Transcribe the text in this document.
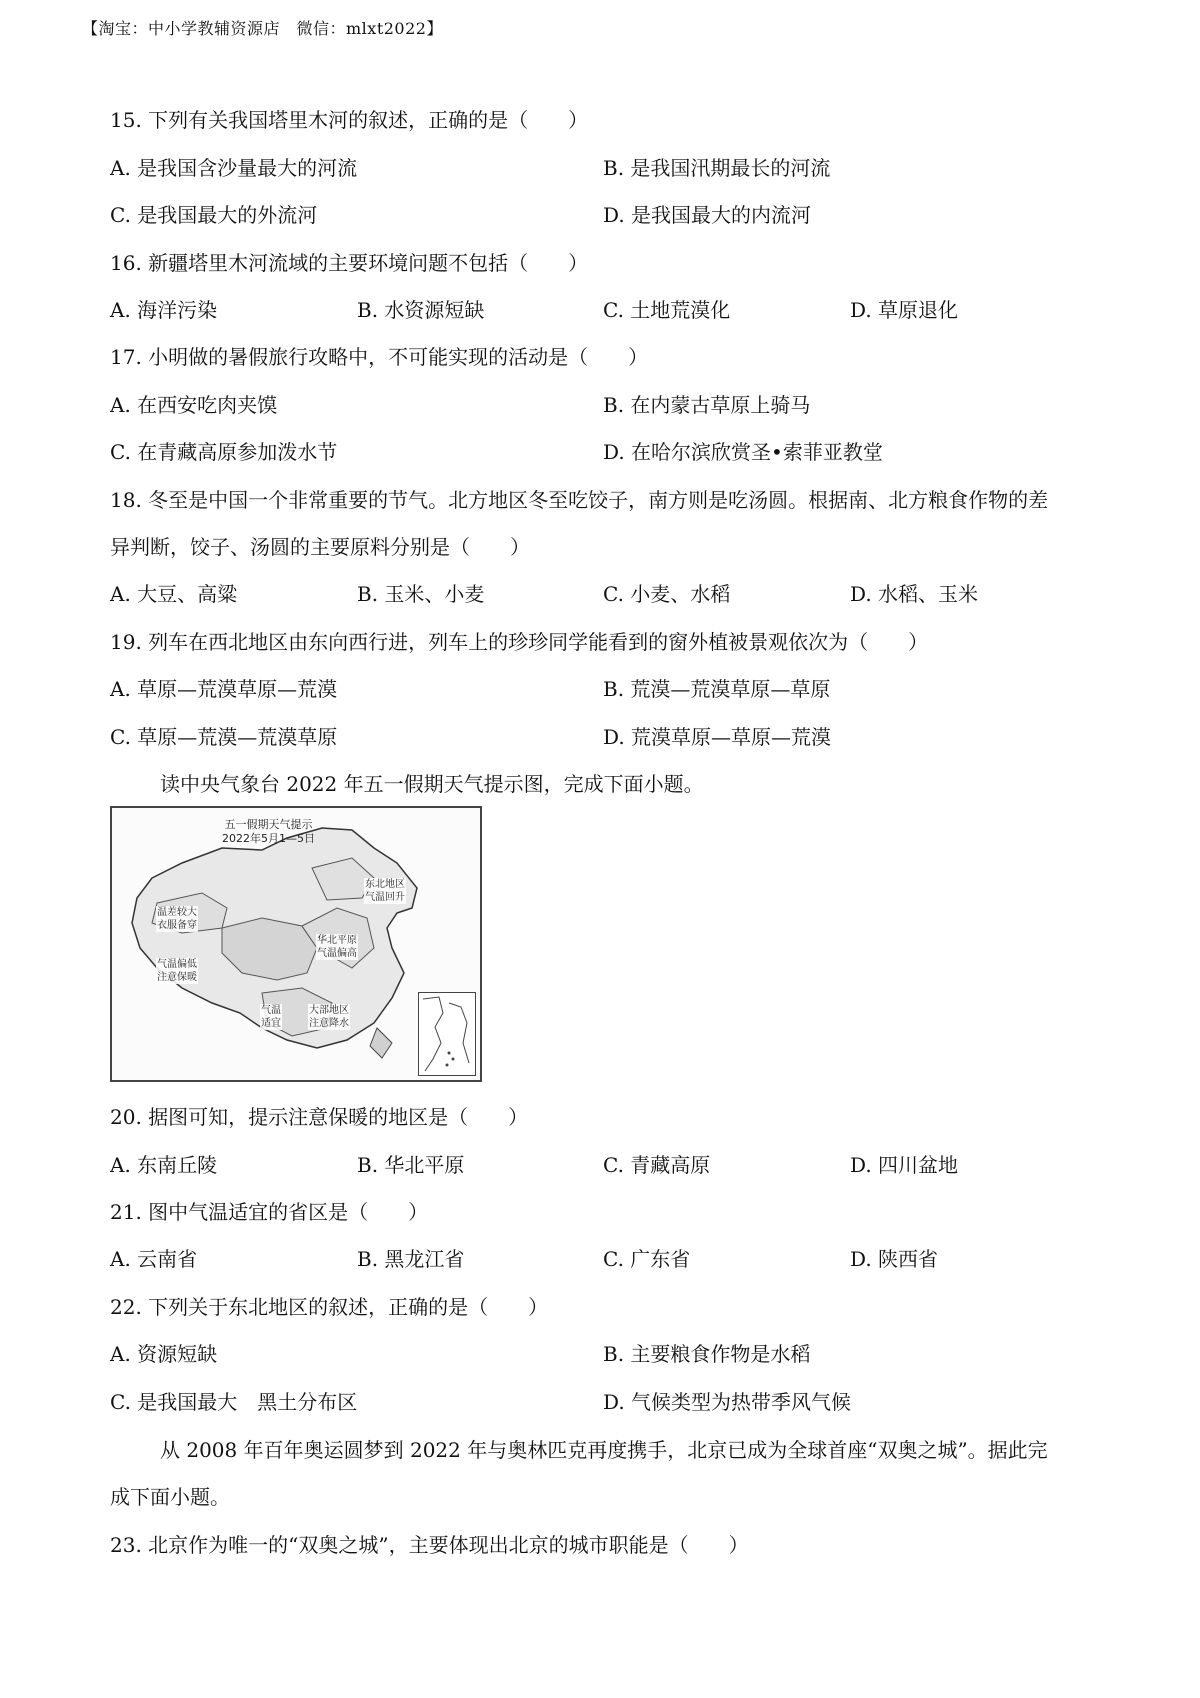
【淘宝：中小学教辅资源店　微信：mlxt2022】
15. 下列有关我国塔里木河的叙述，正确的是（　　）
A. 是我国含沙量最大的河流	B. 是我国汛期最长的河流
C. 是我国最大的外流河	D. 是我国最大的内流河
16. 新疆塔里木河流域的主要环境问题不包括（　　）
A. 海洋污染	B. 水资源短缺	C. 土地荒漠化	D. 草原退化
17. 小明做的暑假旅行攻略中，不可能实现的活动是（　　）
A. 在西安吃肉夹馍	B. 在内蒙古草原上骑马
C. 在青藏高原参加泼水节	D. 在哈尔滨欣赏圣•索菲亚教堂
18. 冬至是中国一个非常重要的节气。北方地区冬至吃饺子，南方则是吃汤圆。根据南、北方粮食作物的差
异判断，饺子、汤圆的主要原料分别是（　　）
A. 大豆、高粱	B. 玉米、小麦	C. 小麦、水稻	D. 水稻、玉米
19. 列车在西北地区由东向西行进，列车上的珍珍同学能看到的窗外植被景观依次为（　　）
A. 草原—荒漠草原—荒漠	B. 荒漠—荒漠草原—草原
C. 草原—荒漠—荒漠草原	D. 荒漠草原—草原—荒漠
读中央气象台 2022 年五一假期天气提示图，完成下面小题。
五一假期天气提示
2022年5月1—5日
东北地区
气温回升
温差较大
衣服备穿
气温偏低
注意保暖
华北平原
气温偏高
气温
适宜
大部地区
注意降水
20. 据图可知，提示注意保暖的地区是（　　）
A. 东南丘陵	B. 华北平原	C. 青藏高原	D. 四川盆地
21. 图中气温适宜的省区是（　　）
A. 云南省	B. 黑龙江省	C. 广东省	D. 陕西省
22. 下列关于东北地区的叙述，正确的是（　　）
A. 资源短缺	B. 主要粮食作物是水稻
C. 是我国最大　黑土分布区	D. 气候类型为热带季风气候
从 2008 年百年奥运圆梦到 2022 年与奥林匹克再度携手，北京已成为全球首座“双奥之城”。据此完
成下面小题。
23. 北京作为唯一的“双奥之城”，主要体现出北京的城市职能是（　　）
